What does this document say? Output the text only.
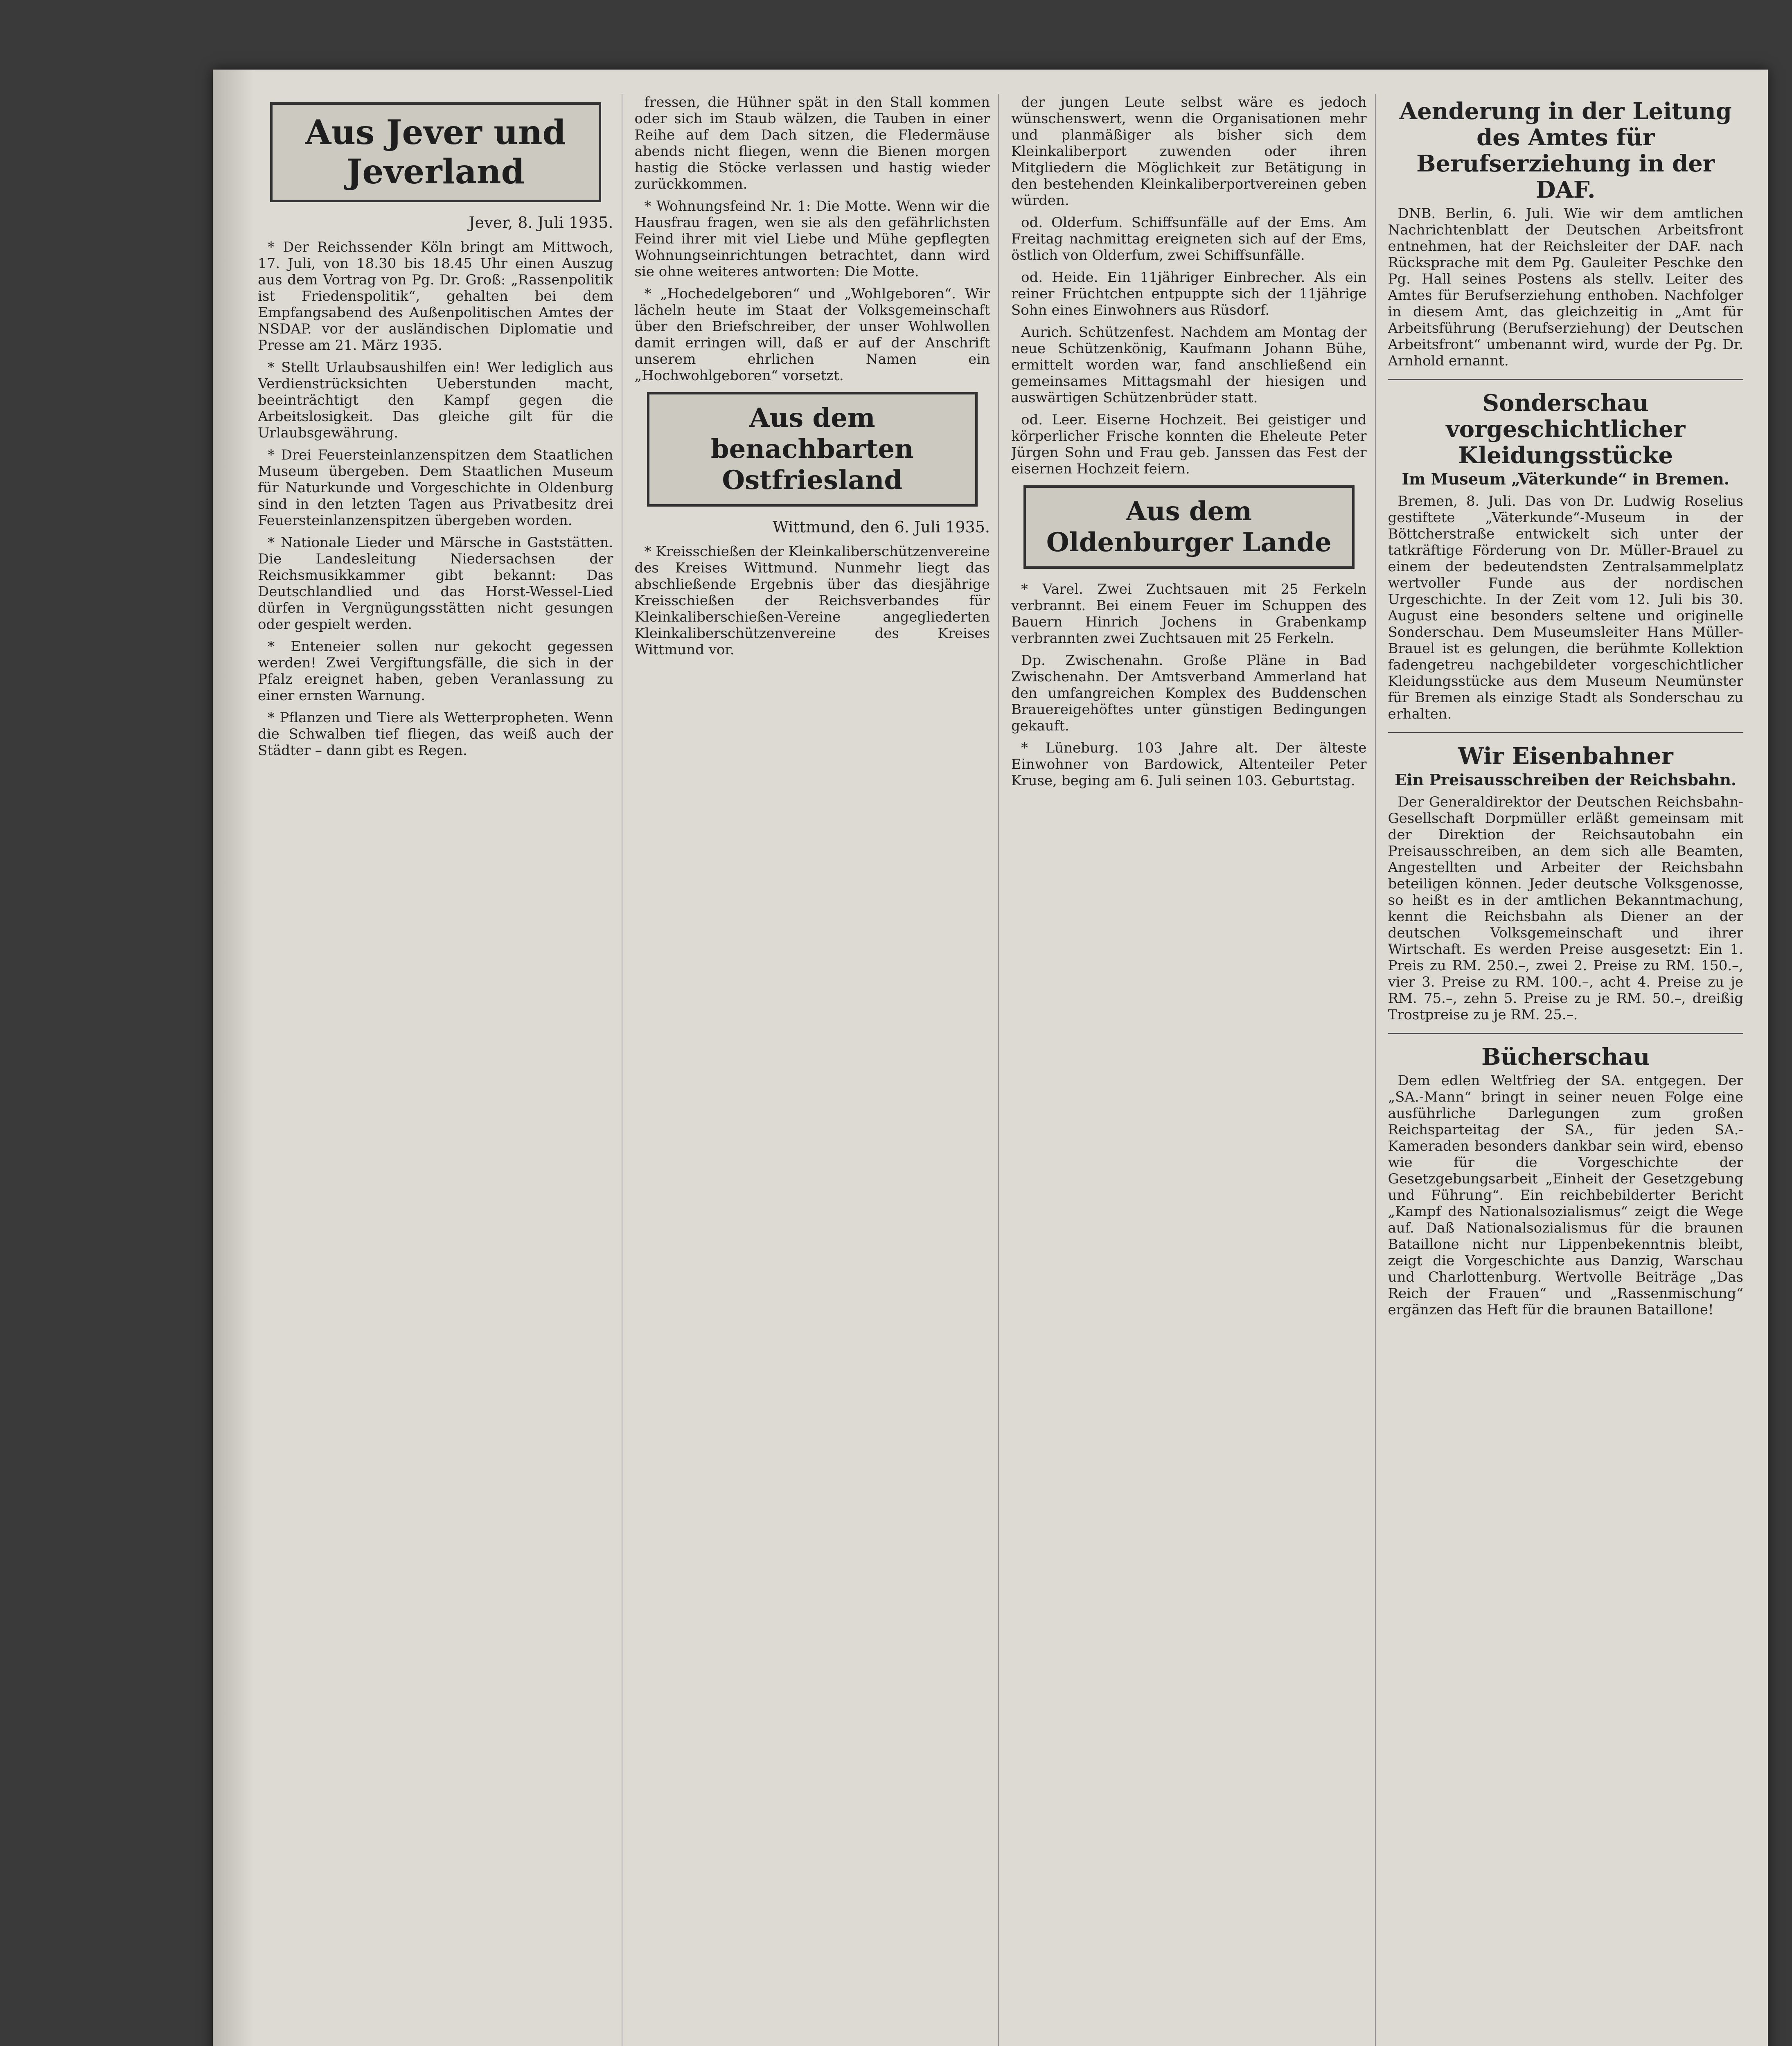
Aus Jever und Jeverland
Jever, 8. Juli 1935.

* Der Reichssender Köln bringt am Mittwoch, 17. Juli, von 18.30 bis 18.45 Uhr einen Auszug aus dem Vortrag von Pg. Dr. Groß: „Rassenpolitik ist Friedenspolitik“, gehalten bei dem Empfangsabend des Außenpolitischen Amtes der NSDAP. vor der ausländischen Diplomatie und Presse am 21. März 1935.

* Stellt Urlaubsaushilfen ein! Wer lediglich aus Verdienstrücksichten Ueberstunden macht, beeinträchtigt den Kampf gegen die Arbeitslosigkeit. Das gleiche gilt für die Urlaubsgewährung.

* Drei Feuersteinlanzenspitzen dem Staatlichen Museum übergeben. Dem Staatlichen Museum für Naturkunde und Vorgeschichte in Oldenburg sind in den letzten Tagen aus Privatbesitz drei Feuersteinlanzenspitzen übergeben worden.

* Nationale Lieder und Märsche in Gaststätten. Die Landesleitung Niedersachsen der Reichsmusikkammer gibt bekannt: Das Deutschlandlied und das Horst-Wessel-Lied dürfen in Vergnügungsstätten nicht gesungen oder gespielt werden.

* Enteneier sollen nur gekocht gegessen werden! Zwei Vergiftungsfälle, die sich in der Pfalz ereignet haben, geben Veranlassung zu einer ernsten Warnung.

* Pflanzen und Tiere als Wetterpropheten. Wenn die Schwalben tief fliegen, das weiß auch der Städter – dann gibt es Regen.

fressen, die Hühner spät in den Stall kommen oder sich im Staub wälzen, die Tauben in einer Reihe auf dem Dach sitzen, die Fledermäuse abends nicht fliegen, wenn die Bienen morgen hastig die Stöcke verlassen und hastig wieder zurückkommen.

* Wohnungsfeind Nr. 1: Die Motte. Wenn wir die Hausfrau fragen, wen sie als den gefährlichsten Feind ihrer mit viel Liebe und Mühe gepflegten Wohnungseinrichtungen betrachtet, dann wird sie ohne weiteres antworten: Die Motte.

* „Hochedelgeboren“ und „Wohlgeboren“. Wir lächeln heute im Staat der Volksgemeinschaft über den Briefschreiber, der unser Wohlwollen damit erringen will, daß er auf der Anschrift unserem ehrlichen Namen ein „Hochwohlgeboren“ vorsetzt.

Aus dem benachbarten Ostfriesland
Wittmund, den 6. Juli 1935.

* Kreisschießen der Kleinkaliberschützenvereine des Kreises Wittmund. Nunmehr liegt das abschließende Ergebnis über das diesjährige Kreisschießen der Reichsverbandes für Kleinkaliberschießen-Vereine angegliederten Kleinkaliberschützenvereine des Kreises Wittmund vor.

der jungen Leute selbst wäre es jedoch wünschenswert, wenn die Organisationen mehr und planmäßiger als bisher sich dem Kleinkaliberport zuwenden oder ihren Mitgliedern die Möglichkeit zur Betätigung in den bestehenden Kleinkaliberportvereinen geben würden.

od. Olderfum. Schiffsunfälle auf der Ems. Am Freitag nachmittag ereigneten sich auf der Ems, östlich von Olderfum, zwei Schiffsunfälle.

od. Heide. Ein 11jähriger Einbrecher. Als ein reiner Früchtchen entpuppte sich der 11jährige Sohn eines Einwohners aus Rüsdorf.

Aurich. Schützenfest. Nachdem am Montag der neue Schützenkönig, Kaufmann Johann Bühe, ermittelt worden war, fand anschließend ein gemeinsames Mittagsmahl der hiesigen und auswärtigen Schützenbrüder statt.

od. Leer. Eiserne Hochzeit. Bei geistiger und körperlicher Frische konnten die Eheleute Peter Jürgen Sohn und Frau geb. Janssen das Fest der eisernen Hochzeit feiern.

Aus dem Oldenburger Lande

* Varel. Zwei Zuchtsauen mit 25 Ferkeln verbrannt. Bei einem Feuer im Schuppen des Bauern Hinrich Jochens in Grabenkamp verbrannten zwei Zuchtsauen mit 25 Ferkeln.

Dp. Zwischenahn. Große Pläne in Bad Zwischenahn. Der Amtsverband Ammerland hat den umfangreichen Komplex des Buddenschen Brauereigehöftes unter günstigen Bedingungen gekauft.

* Lüneburg. 103 Jahre alt. Der älteste Einwohner von Bardowick, Altenteiler Peter Kruse, beging am 6. Juli seinen 103. Geburtstag.

Aenderung in der Leitung des Amtes für Berufserziehung in der DAF.

DNB. Berlin, 6. Juli. Wie wir dem amtlichen Nachrichtenblatt der Deutschen Arbeitsfront entnehmen, hat der Reichsleiter der DAF. nach Rücksprache mit dem Pg. Gauleiter Peschke den Pg. Hall seines Postens als stellv. Leiter des Amtes für Berufserziehung enthoben. Nachfolger in diesem Amt, das gleichzeitig in „Amt für Arbeitsführung (Berufserziehung) der Deutschen Arbeitsfront“ umbenannt wird, wurde der Pg. Dr. Arnhold ernannt.

Sonderschau vorgeschichtlicher Kleidungsstücke
Im Museum „Väterkunde“ in Bremen.

Bremen, 8. Juli. Das von Dr. Ludwig Roselius gestiftete „Väterkunde“-Museum in der Böttcherstraße entwickelt sich unter der tatkräftige Förderung von Dr. Müller-Brauel zu einem der bedeutendsten Zentralsammelplatz wertvoller Funde aus der nordischen Urgeschichte. In der Zeit vom 12. Juli bis 30. August eine besonders seltene und originelle Sonderschau. Dem Museumsleiter Hans Müller-Brauel ist es gelungen, die berühmte Kollektion fadengetreu nachgebildeter vorgeschichtlicher Kleidungsstücke aus dem Museum Neumünster für Bremen als einzige Stadt als Sonderschau zu erhalten.

Wir Eisenbahner
Ein Preisausschreiben der Reichsbahn.

Der Generaldirektor der Deutschen Reichsbahn-Gesellschaft Dorpmüller erläßt gemeinsam mit der Direktion der Reichsautobahn ein Preisausschreiben, an dem sich alle Beamten, Angestellten und Arbeiter der Reichsbahn beteiligen können. Jeder deutsche Volksgenosse, so heißt es in der amtlichen Bekanntmachung, kennt die Reichsbahn als Diener an der deutschen Volksgemeinschaft und ihrer Wirtschaft. Es werden Preise ausgesetzt: Ein 1. Preis zu RM. 250.–, zwei 2. Preise zu RM. 150.–, vier 3. Preise zu RM. 100.–, acht 4. Preise zu je RM. 75.–, zehn 5. Preise zu je RM. 50.–, dreißig Trostpreise zu je RM. 25.–.

Bücherschau

Dem edlen Weltfrieg der SA. entgegen. Der „SA.-Mann“ bringt in seiner neuen Folge eine ausführliche Darlegungen zum großen Reichsparteitag der SA., für jeden SA.-Kameraden besonders dankbar sein wird, ebenso wie für die Vorgeschichte der Gesetzgebungsarbeit „Einheit der Gesetzgebung und Führung“. Ein reichbebilderter Bericht „Kampf des Nationalsozialismus“ zeigt die Wege auf. Daß Nationalsozialismus für die braunen Bataillone nicht nur Lippenbekenntnis bleibt, zeigt die Vorgeschichte aus Danzig, Warschau und Charlottenburg. Wertvolle Beiträge „Das Reich der Frauen“ und „Rassenmischung“ ergänzen das Heft für die braunen Bataillone!
